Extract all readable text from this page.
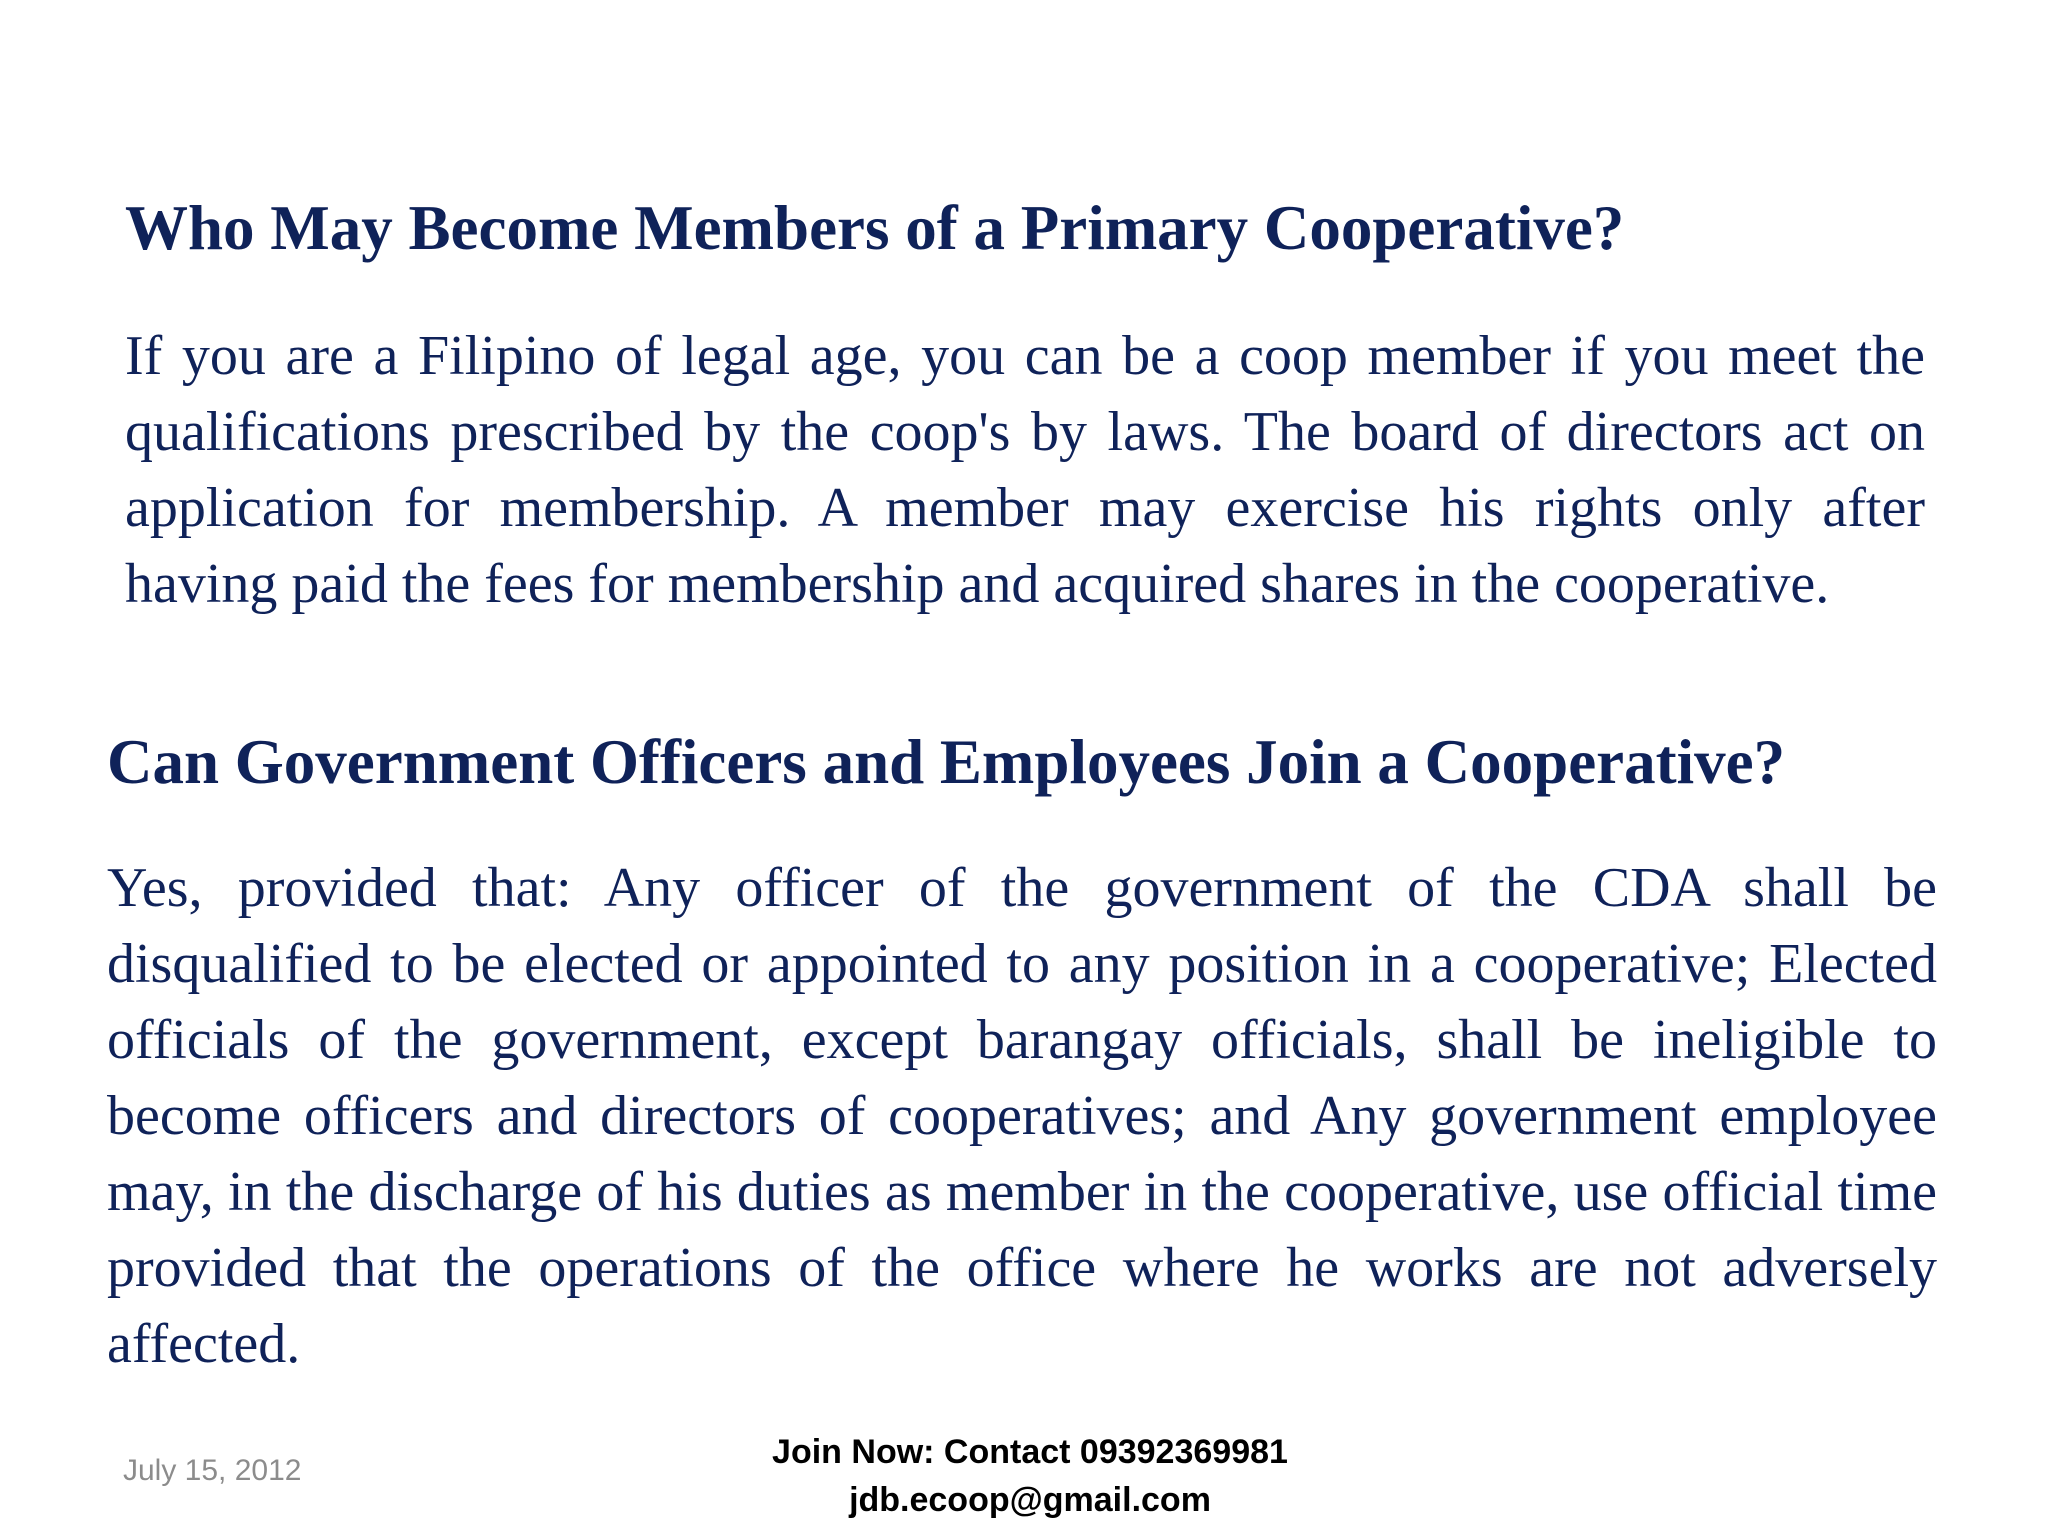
Who May Become Members of a Primary Cooperative?

If you are a Filipino of legal age, you can be a coop member if you meet the qualifications prescribed by the coop's by laws. The board of directors act on application for membership. A member may exercise his rights only after having paid the fees for membership and acquired shares in the cooperative.

Can Government Officers and Employees Join a Cooperative?

Yes, provided that: Any officer of the government of the CDA shall be disqualified to be elected or appointed to any position in a cooperative; Elected officials of the government, except barangay officials, shall be ineligible to become officers and directors of cooperatives; and Any government employee may, in the discharge of his duties as member in the cooperative, use official time provided that the operations of the office where he works are not adversely affected.

July 15, 2012	Join Now: Contact 09392369981
jdb.ecoop@gmail.com
